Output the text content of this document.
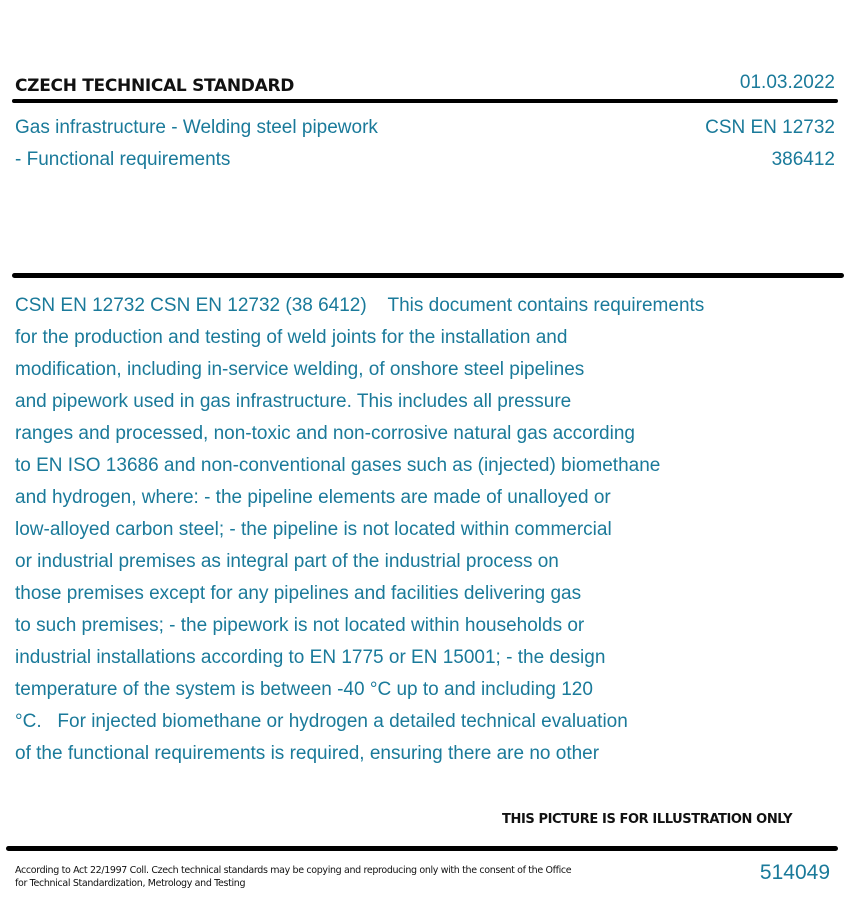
CZECH TECHNICAL STANDARD	01.03.2022
Gas infrastructure - Welding steel pipework
- Functional requirements
CSN EN 12732
386412
CSN EN 12732 CSN EN 12732 (38 6412)    This document contains requirements
for the production and testing of weld joints for the installation and
modification, including in-service welding, of onshore steel pipelines
and pipework used in gas infrastructure. This includes all pressure
ranges and processed, non-toxic and non-corrosive natural gas according
to EN ISO 13686 and non-conventional gases such as (injected) biomethane
and hydrogen, where: - the pipeline elements are made of unalloyed or
low-alloyed carbon steel; - the pipeline is not located within commercial
or industrial premises as integral part of the industrial process on
those premises except for any pipelines and facilities delivering gas
to such premises; - the pipework is not located within households or
industrial installations according to EN 1775 or EN 15001; - the design
temperature of the system is between -40 °C up to and including 120
°C.   For injected biomethane or hydrogen a detailed technical evaluation
of the functional requirements is required, ensuring there are no other
THIS PICTURE IS FOR ILLUSTRATION ONLY
According to Act 22/1997 Coll. Czech technical standards may be copying and reproducing only with the consent of the Office
for Technical Standardization, Metrology and Testing	514049
